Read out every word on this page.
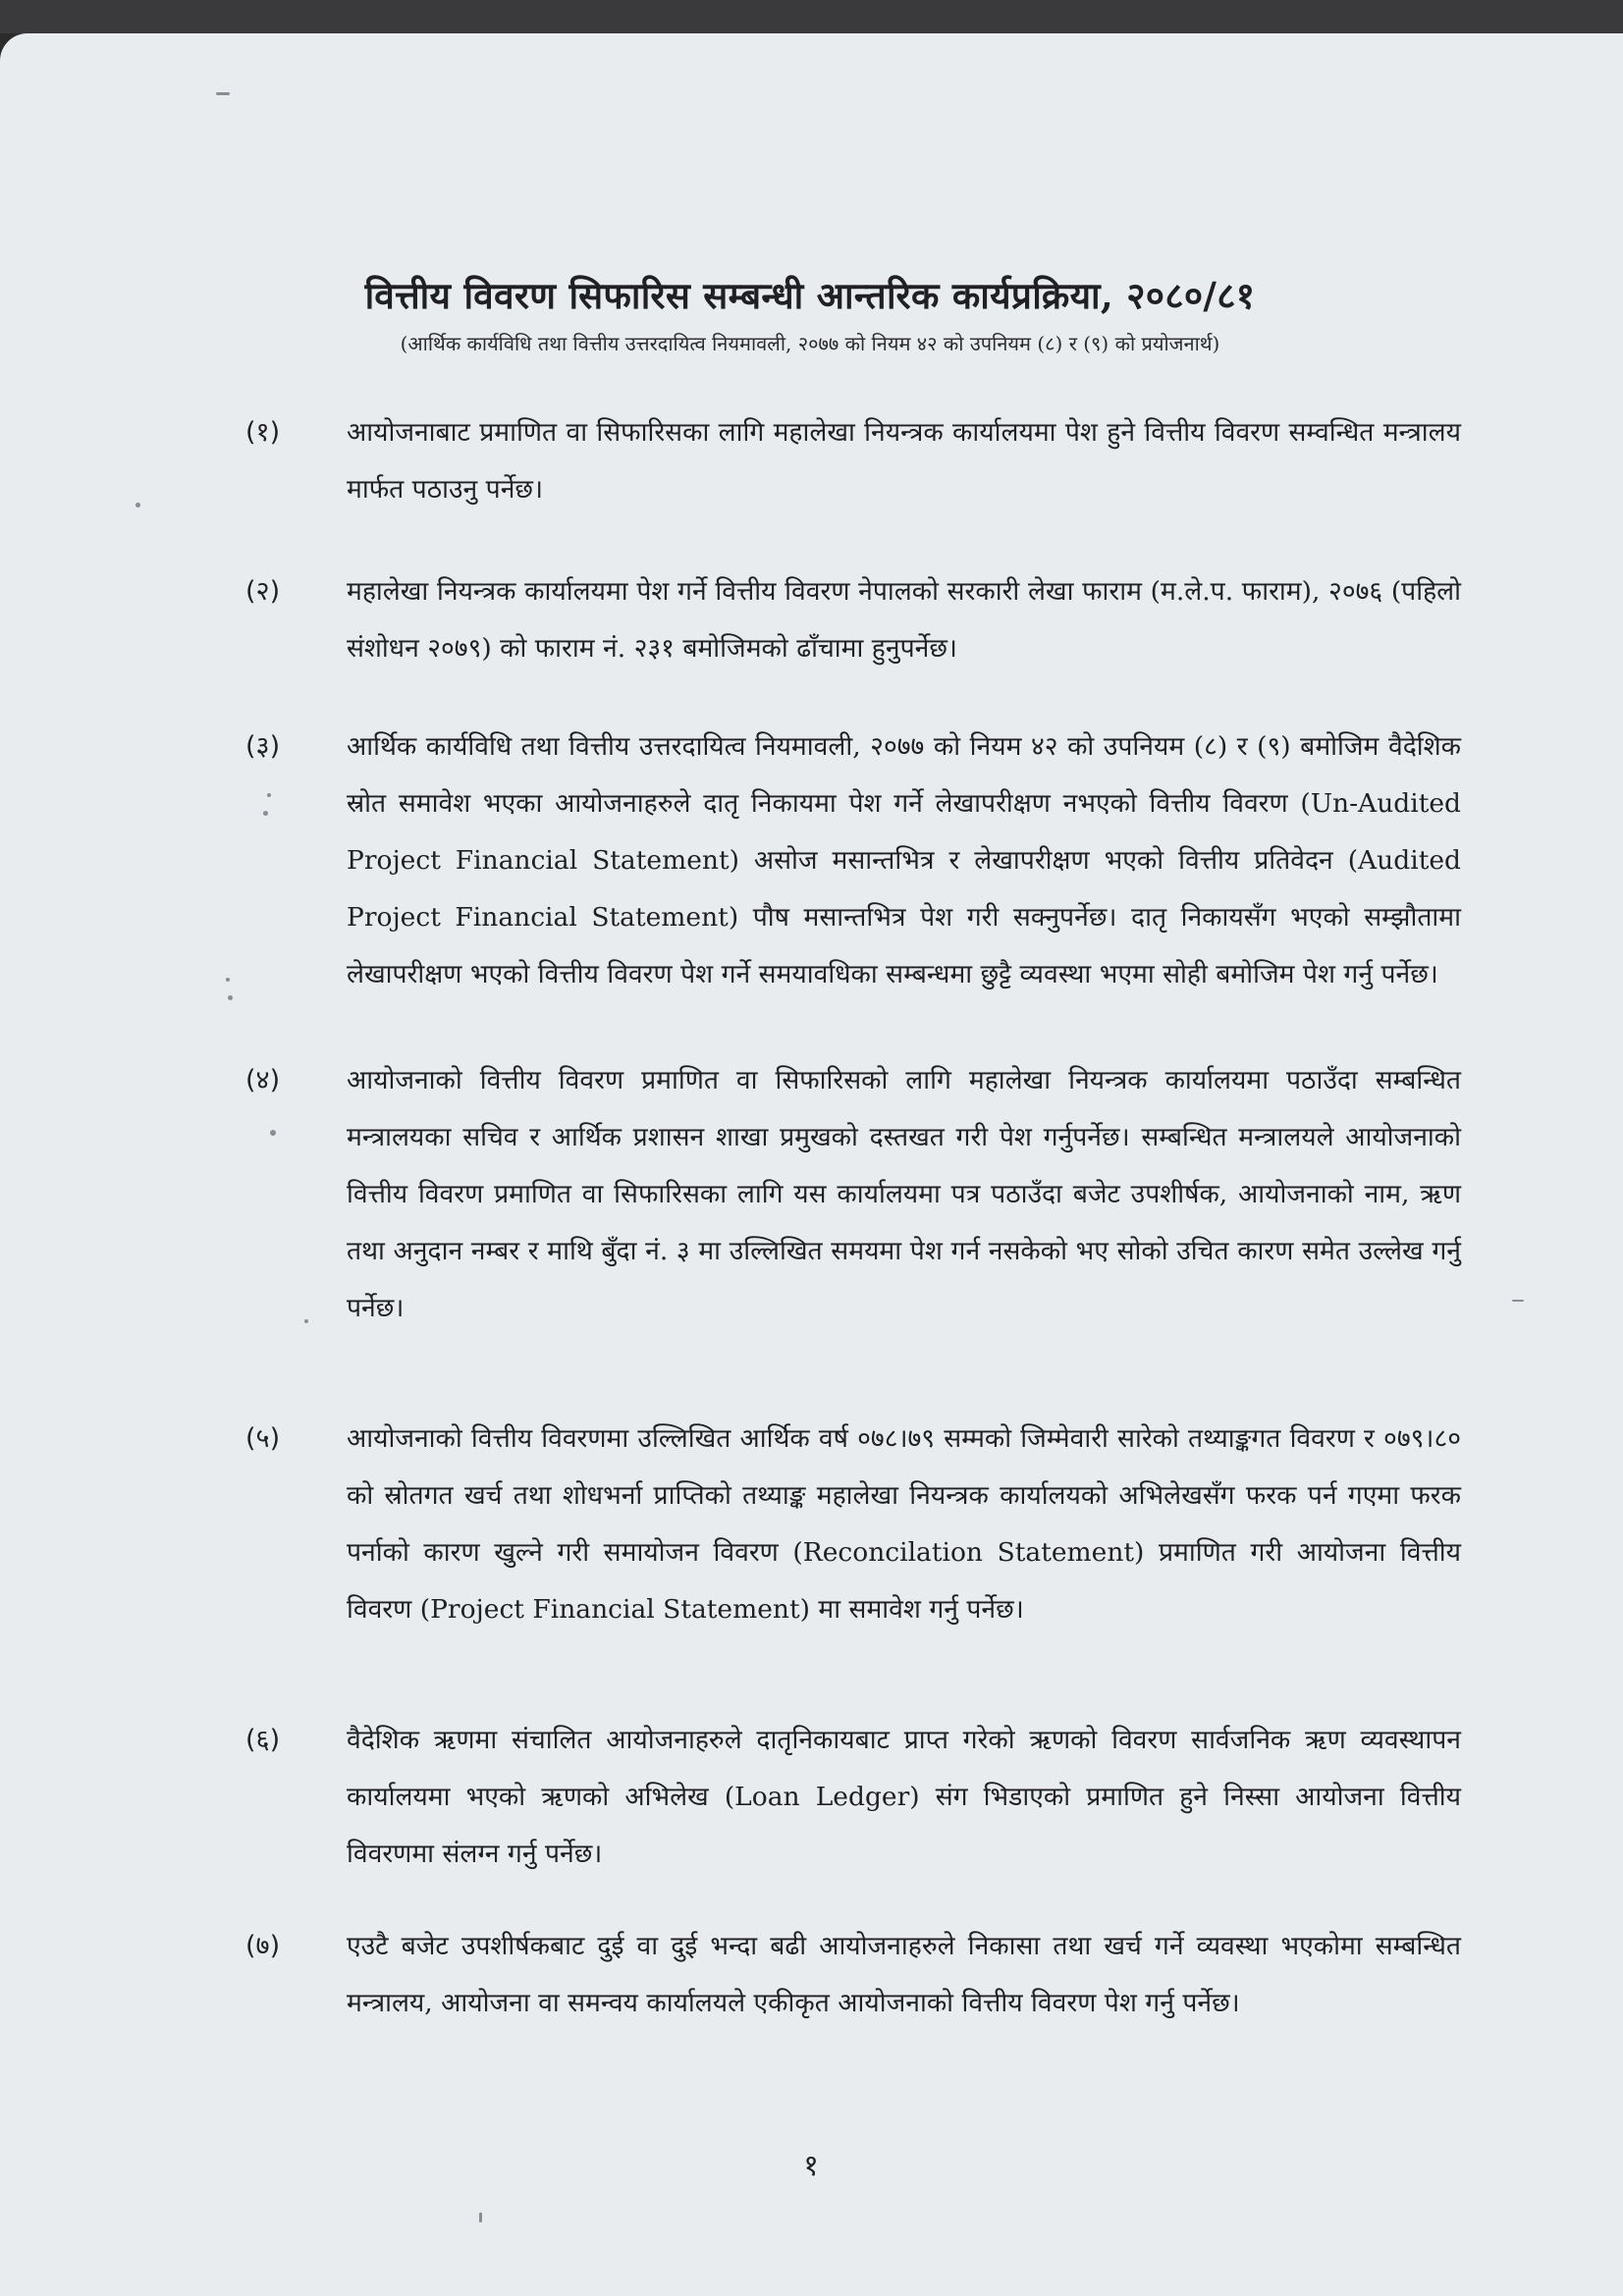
वित्तीय विवरण सिफारिस सम्बन्धी आन्तरिक कार्यप्रक्रिया, २०८०/८१
(आर्थिक कार्यविधि तथा वित्तीय उत्तरदायित्व नियमावली, २०७७ को नियम ४२ को उपनियम (८) र (९) को प्रयोजनार्थ)
(१)	आयोजनाबाट प्रमाणित वा सिफारिसका लागि महालेखा नियन्त्रक कार्यालयमा पेश हुने वित्तीय विवरण सम्वन्धित मन्त्रालय मार्फत पठाउनु पर्नेछ।
(२)	महालेखा नियन्त्रक कार्यालयमा पेश गर्ने वित्तीय विवरण नेपालको सरकारी लेखा फाराम (म.ले.प. फाराम), २०७६ (पहिलो संशोधन २०७९) को फाराम नं. २३१ बमोजिमको ढाँचामा हुनुपर्नेछ।
(३)	आर्थिक कार्यविधि तथा वित्तीय उत्तरदायित्व नियमावली, २०७७ को नियम ४२ को उपनियम (८) र (९) बमोजिम वैदेशिक स्रोत समावेश भएका आयोजनाहरुले दातृ निकायमा पेश गर्ने लेखापरीक्षण नभएको वित्तीय विवरण (Un-Audited Project Financial Statement) असोज मसान्तभित्र र लेखापरीक्षण भएको वित्तीय प्रतिवेदन (Audited Project Financial Statement) पौष मसान्तभित्र पेश गरी सक्नुपर्नेछ। दातृ निकायसँग भएको सम्झौतामा लेखापरीक्षण भएको वित्तीय विवरण पेश गर्ने समयावधिका सम्बन्धमा छुट्टै व्यवस्था भएमा सोही बमोजिम पेश गर्नु पर्नेछ।
(४)	आयोजनाको वित्तीय विवरण प्रमाणित वा सिफारिसको लागि महालेखा नियन्त्रक कार्यालयमा पठाउँदा सम्बन्धित मन्त्रालयका सचिव र आर्थिक प्रशासन शाखा प्रमुखको दस्तखत गरी पेश गर्नुपर्नेछ। सम्बन्धित मन्त्रालयले आयोजनाको वित्तीय विवरण प्रमाणित वा सिफारिसका लागि यस कार्यालयमा पत्र पठाउँदा बजेट उपशीर्षक, आयोजनाको नाम, ऋण तथा अनुदान नम्बर र माथि बुँदा नं. ३ मा उल्लिखित समयमा पेश गर्न नसकेको भए सोको उचित कारण समेत उल्लेख गर्नु पर्नेछ।
(५)	आयोजनाको वित्तीय विवरणमा उल्लिखित आर्थिक वर्ष ०७८।७९ सम्मको जिम्मेवारी सारेको तथ्याङ्कगत विवरण र ०७९।८० को स्रोतगत खर्च तथा शोधभर्ना प्राप्तिको तथ्याङ्क महालेखा नियन्त्रक कार्यालयको अभिलेखसँग फरक पर्न गएमा फरक पर्नाको कारण खुल्ने गरी समायोजन विवरण (Reconcilation Statement) प्रमाणित गरी आयोजना वित्तीय विवरण (Project Financial Statement) मा समावेश गर्नु पर्नेछ।
(६)	वैदेशिक ऋणमा संचालित आयोजनाहरुले दातृनिकायबाट प्राप्त गरेको ऋणको विवरण सार्वजनिक ऋण व्यवस्थापन कार्यालयमा भएको ऋणको अभिलेख (Loan Ledger) संग भिडाएको प्रमाणित हुने निस्सा आयोजना वित्तीय विवरणमा संलग्न गर्नु पर्नेछ।
(७)	एउटै बजेट उपशीर्षकबाट दुई वा दुई भन्दा बढी आयोजनाहरुले निकासा तथा खर्च गर्ने व्यवस्था भएकोमा सम्बन्धित मन्त्रालय, आयोजना वा समन्वय कार्यालयले एकीकृत आयोजनाको वित्तीय विवरण पेश गर्नु पर्नेछ।
१
